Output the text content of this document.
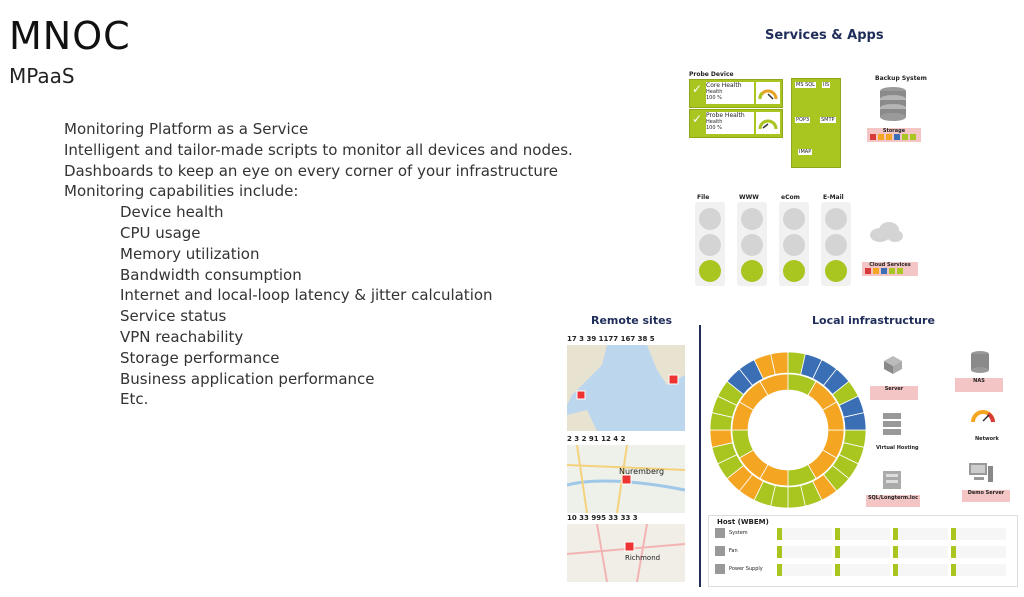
MNOC
MPaaS
Monitoring Platform as a Service
Intelligent and tailor-made scripts to monitor all devices and nodes.
Dashboards to keep an eye on every corner of your infrastructure
Monitoring capabilities include:
Device health
CPU usage
Memory utilization
Bandwidth consumption
Internet and local-loop latency & jitter calculation
Service status
VPN reachability
Storage performance
Business application performance
Etc.
Services & Apps
Probe Device
✓ Core Health
Health
100 %
✓ Probe Health
Health
100 %
MS SQL IIS
POP3 SMTP
IMAP
Backup System
Storage
File	WWW	eCom	E-Mail
Cloud Services
Remote sites
17 3 39 1177 167 38 5
2 3 2 91 12 4 2
Nuremberg
10 33 995 33 33 3
Richmond
Local infrastructure
Server
NAS
Virtual Hosting
Network
SQL/Longterm.loc
Demo Server
Host (WBEM)
System
Fan
Power Supply
